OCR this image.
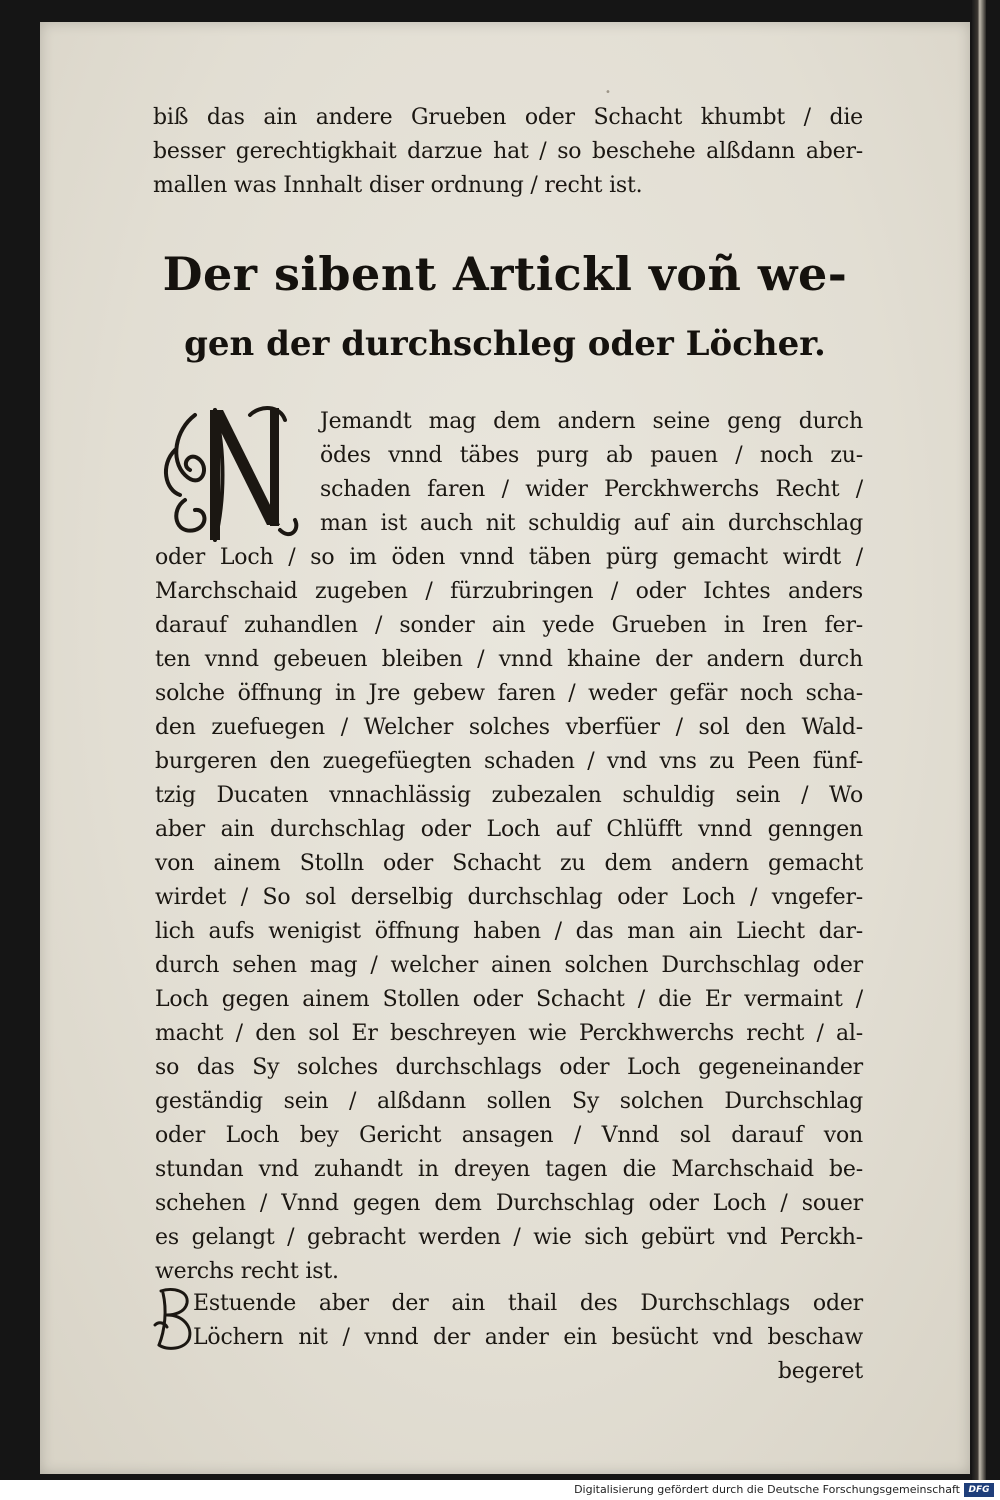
•
biß das ain andere Grueben oder Schacht khumbt / die
besser gerechtigkhait darzue hat / so beschehe alßdann aber-
mallen was Innhalt diser ordnung / recht ist.
Der sibent Artickl voñ we-
gen der durchschleg oder Löcher.
Jemandt mag dem andern seine geng durch
ödes vnnd täbes purg ab pauen / noch zu-
schaden faren / wider Perckhwerchs Recht /
man ist auch nit schuldig auf ain durchschlag
oder Loch / so im öden vnnd täben pürg gemacht wirdt /
Marchschaid zugeben / fürzubringen / oder Ichtes anders
darauf zuhandlen / sonder ain yede Grueben in Iren fer-
ten vnnd gebeuen bleiben / vnnd khaine der andern durch
solche öffnung in Jre gebew faren / weder gefär noch scha-
den zuefuegen / Welcher solches vberfüer / sol den Wald-
burgeren den zuegefüegten schaden / vnd vns zu Peen fünf-
tzig Ducaten vnnachlässig zubezalen schuldig sein / Wo
aber ain durchschlag oder Loch auf Chlüfft vnnd genngen
von ainem Stolln oder Schacht zu dem andern gemacht
wirdet / So sol derselbig durchschlag oder Loch / vngefer-
lich aufs wenigist öffnung haben / das man ain Liecht dar-
durch sehen mag / welcher ainen solchen Durchschlag oder
Loch gegen ainem Stollen oder Schacht / die Er vermaint /
macht / den sol Er beschreyen wie Perckhwerchs recht / al-
so das Sy solches durchschlags oder Loch gegeneinander
geständig sein / alßdann sollen Sy solchen Durchschlag
oder Loch bey Gericht ansagen / Vnnd sol darauf von
stundan vnd zuhandt in dreyen tagen die Marchschaid be-
schehen / Vnnd gegen dem Durchschlag oder Loch / souer
es gelangt / gebracht werden / wie sich gebürt vnd Perckh-
werchs recht ist.
Estuende aber der ain thail des Durchschlags oder
Löchern nit / vnnd der ander ein besücht vnd beschaw
begeret
Digitalisierung gefördert durch die Deutsche Forschungsgemeinschaft DFG
